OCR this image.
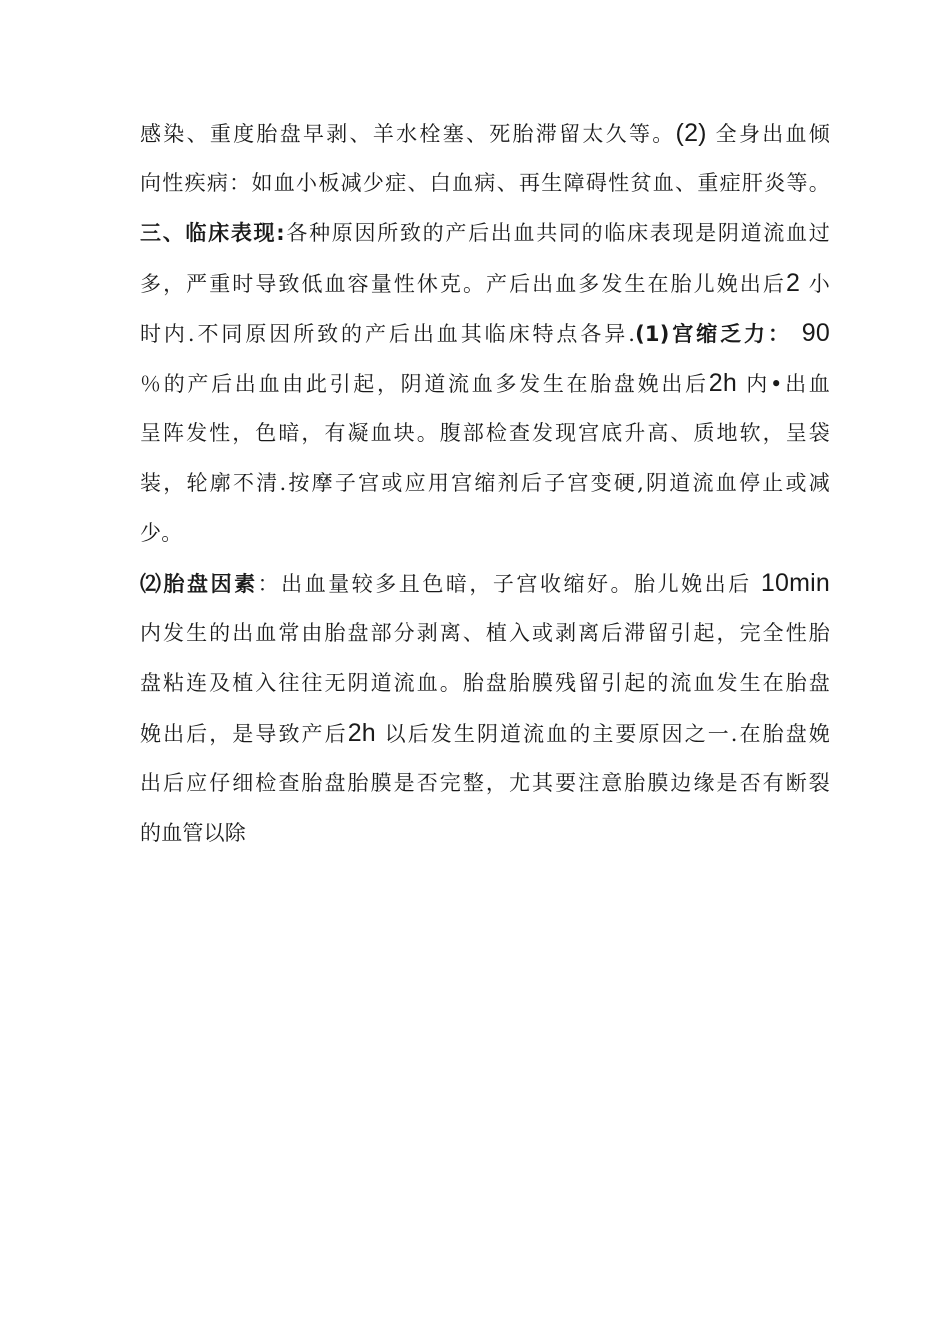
感染、重度胎盘早剥、羊水栓塞、死胎滞留太久等。(2) 全身出血倾
向性疾病：如血小板减少症、白血病、再生障碍性贫血、重症肝炎等。
三、临床表现:各种原因所致的产后出血共同的临床表现是阴道流血过
多，严重时导致低血容量性休克。产后出血多发生在胎儿娩出后2 小
时内.不同原因所致的产后出血其临床特点各异.(1)宫缩乏力： 90
％的产后出血由此引起，阴道流血多发生在胎盘娩出后2h 内•出血
呈阵发性，色暗，有凝血块。腹部检查发现宫底升高、质地软，呈袋
装，轮廓不清.按摩子宫或应用宫缩剂后子宫变硬,阴道流血停止或减
少。
⑵胎盘因素：出血量较多且色暗，子宫收缩好。胎儿娩出后 10min
内发生的出血常由胎盘部分剥离、植入或剥离后滞留引起，完全性胎
盘粘连及植入往往无阴道流血。胎盘胎膜残留引起的流血发生在胎盘
娩出后，是导致产后2h 以后发生阴道流血的主要原因之一.在胎盘娩
出后应仔细检查胎盘胎膜是否完整，尤其要注意胎膜边缘是否有断裂
的血管以除
